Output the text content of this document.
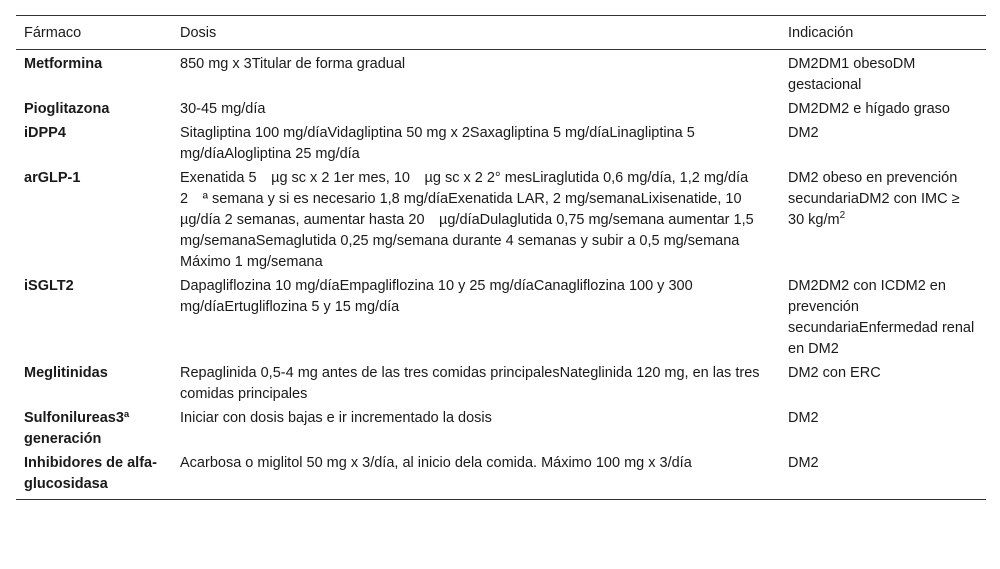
Fármaco	Dosis	Indicación
Metformina	850 mg x 3Titular de forma gradual	DM2DM1 obesoDM gestacional
Pioglitazona	30-45 mg/día	DM2DM2 e hígado graso
iDPP4	Sitagliptina 100 mg/díaVidagliptina 50 mg x 2Saxagliptina 5 mg/díaLinagliptina 5 mg/díaAlogliptina 25 mg/día	DM2
arGLP-1	Exenatida 5 µg sc x 2 1er mes, 10 µg sc x 2 2° mesLiraglutida 0,6 mg/día, 1,2 mg/día 2 ª semana y si es necesario 1,8 mg/díaExenatida LAR, 2 mg/semanaLixisenatide, 10 µg/día 2 semanas, aumentar hasta 20 µg/díaDulaglutida 0,75 mg/semana aumentar 1,5 mg/semanaSemaglutida 0,25 mg/semana durante 4 semanas y subir a 0,5 mg/semana Máximo 1 mg/semana	DM2 obeso en prevención secundariaDM2 con IMC ≥ 30 $kg/m^2$
iSGLT2	Dapagliflozina 10 mg/díaEmpagliflozina 10 y 25 mg/díaCanagliflozina 100 y 300 mg/díaErtugliflozina 5 y 15 mg/día	DM2DM2 con ICDM2 en prevención secundariaEnfermedad renal en DM2
Meglitinidas	Repaglinida 0,5-4 mg antes de las tres comidas principalesNateglinida 120 mg, en las tres comidas principales	DM2 con ERC
Sulfonilureas3ª generación	Iniciar con dosis bajas e ir incrementado la dosis	DM2
Inhibidores de alfa-glucosidasa	Acarbosa o miglitol 50 mg x 3/día, al inicio dela comida. Máximo 100 mg x 3/día	DM2
